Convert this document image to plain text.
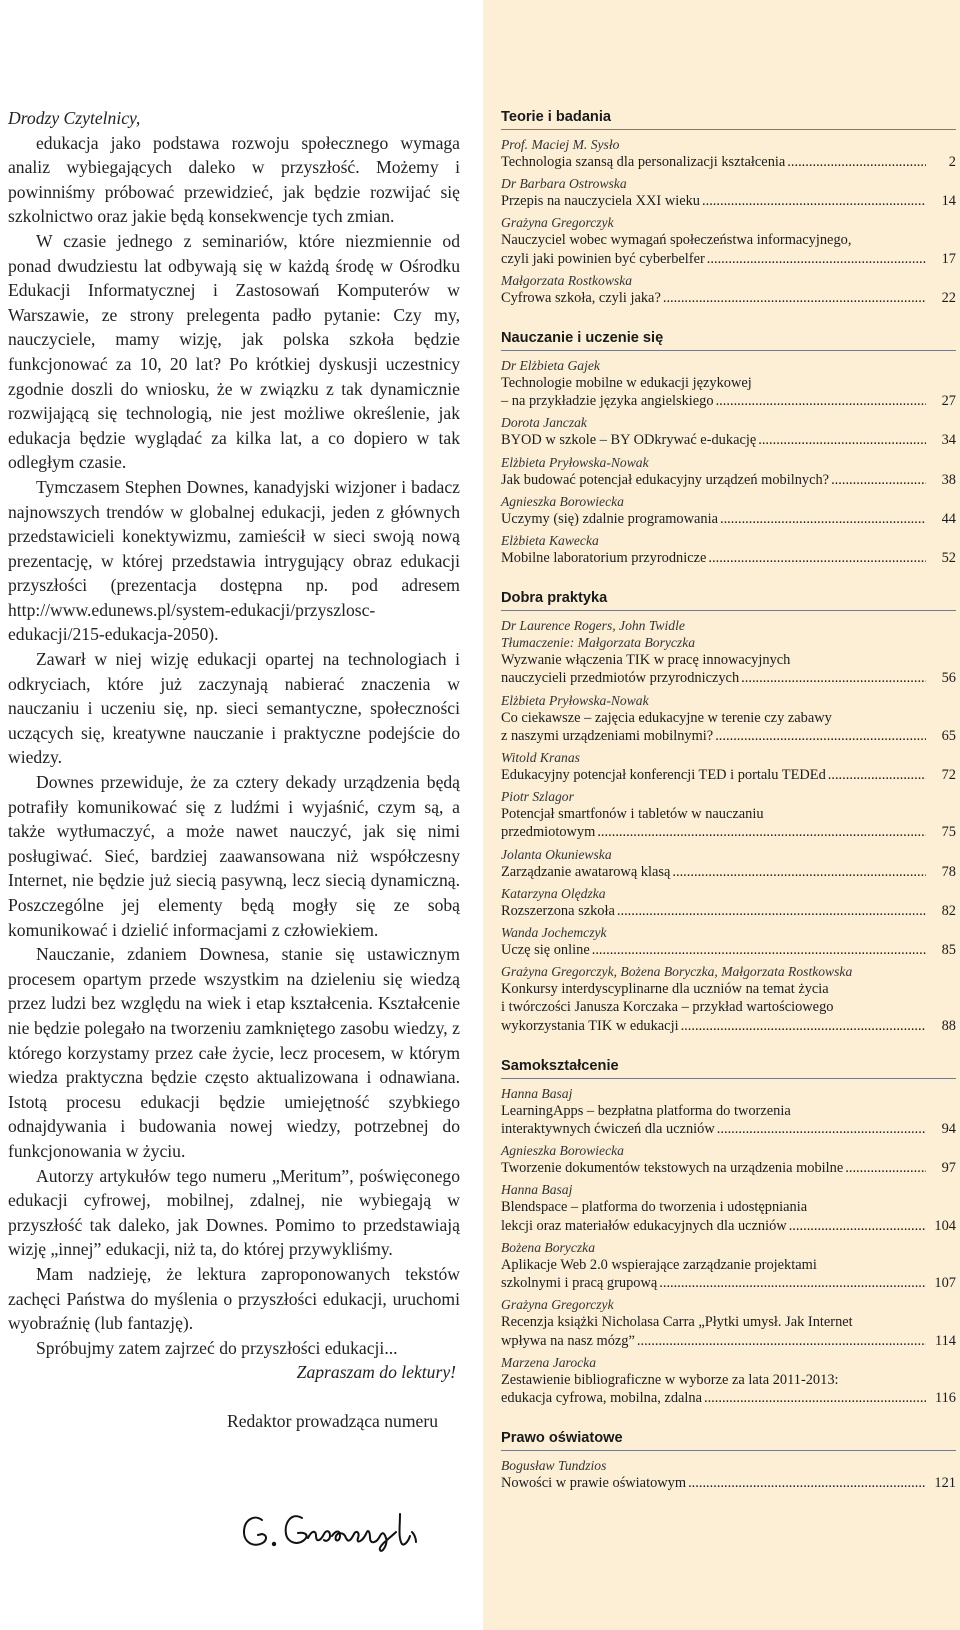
Drodzy Czytelnicy,

edukacja jako podstawa rozwoju społecznego wymaga analiz wybiegających daleko w przyszłość. Możemy i powinniśmy próbować przewidzieć, jak będzie rozwijać się szkolnictwo oraz jakie będą konsekwencje tych zmian.

W czasie jednego z seminariów, które niezmiennie od ponad dwudziestu lat odbywają się w każdą środę w Ośrodku Edukacji Informatycznej i Zastosowań Komputerów w Warszawie, ze strony prelegenta padło pytanie: Czy my, nauczyciele, mamy wizję, jak polska szkoła będzie funkcjonować za 10, 20 lat? Po krótkiej dyskusji uczestnicy zgodnie doszli do wniosku, że w związku z tak dynamicznie rozwijającą się technologią, nie jest możliwe określenie, jak edukacja będzie wyglądać za kilka lat, a co dopiero w tak odległym czasie.

Tymczasem Stephen Downes, kanadyjski wizjoner i badacz najnowszych trendów w globalnej edukacji, jeden z głównych przedstawicieli konektywizmu, zamieścił w sieci swoją nową prezentację, w której przedstawia intrygujący obraz edukacji przyszłości (prezentacja dostępna np. pod adresem http://www.edunews.pl/system-edukacji/przyszlosc-edukacji/215-edukacja-2050).

Zawarł w niej wizję edukacji opartej na technologiach i odkryciach, które już zaczynają nabierać znaczenia w nauczaniu i uczeniu się, np. sieci semantyczne, społeczności uczących się, kreatywne nauczanie i praktyczne podejście do wiedzy.

Downes przewiduje, że za cztery dekady urządzenia będą potrafiły komunikować się z ludźmi i wyjaśnić, czym są, a także wytłumaczyć, a może nawet nauczyć, jak się nimi posługiwać. Sieć, bardziej zaawansowana niż współczesny Internet, nie będzie już siecią pasywną, lecz siecią dynamiczną. Poszczególne jej elementy będą mogły się ze sobą komunikować i dzielić informacjami z człowiekiem.

Nauczanie, zdaniem Downesa, stanie się ustawicznym procesem opartym przede wszystkim na dzieleniu się wiedzą przez ludzi bez względu na wiek i etap kształcenia. Kształcenie nie będzie polegało na tworzeniu zamkniętego zasobu wiedzy, z którego korzystamy przez całe życie, lecz procesem, w którym wiedza praktyczna będzie często aktualizowana i odnawiana. Istotą procesu edukacji będzie umiejętność szybkiego odnajdywania i budowania nowej wiedzy, potrzebnej do funkcjonowania w życiu.

Autorzy artykułów tego numeru „Meritum”, poświęconego edukacji cyfrowej, mobilnej, zdalnej, nie wybiegają w przyszłość tak daleko, jak Downes. Pomimo to przedstawiają wizję „innej” edukacji, niż ta, do której przywykliśmy.

Mam nadzieję, że lektura zaproponowanych tekstów zachęci Państwa do myślenia o przyszłości edukacji, uruchomi wyobraźnię (lub fantazję).

Spróbujmy zatem zajrzeć do przyszłości edukacji...

Zapraszam do lektury!

Redaktor prowadząca numeru

Teorie i badania
Prof. Maciej M. Sysło
Technologia szansą dla personalizacji kształcenia .....	2
Dr Barbara Ostrowska
Przepis na nauczyciela XXI wieku .....	14
Grażyna Gregorczyk
Nauczyciel wobec wymagań społeczeństwa informacyjnego,
czyli jaki powinien być cyberbelfer .....	17
Małgorzata Rostkowska
Cyfrowa szkoła, czyli jaka? .....	22
Nauczanie i uczenie się
Dr Elżbieta Gajek
Technologie mobilne w edukacji językowej
– na przykładzie języka angielskiego .....	27
Dorota Janczak
BYOD w szkole – BY ODkrywać e-dukację .....	34
Elżbieta Pryłowska-Nowak
Jak budować potencjał edukacyjny urządzeń mobilnych? .....	38
Agnieszka Borowiecka
Uczymy (się) zdalnie programowania .....	44
Elżbieta Kawecka
Mobilne laboratorium przyrodnicze .....	52
Dobra praktyka
Dr Laurence Rogers, John Twidle
Tłumaczenie: Małgorzata Boryczka
Wyzwanie włączenia TIK w pracę innowacyjnych
nauczycieli przedmiotów przyrodniczych .....	56
Elżbieta Pryłowska-Nowak
Co ciekawsze – zajęcia edukacyjne w terenie czy zabawy
z naszymi urządzeniami mobilnymi? .....	65
Witold Kranas
Edukacyjny potencjał konferencji TED i portalu TEDEd .....	72
Piotr Szlagor
Potencjał smartfonów i tabletów w nauczaniu
przedmiotowym .....	75
Jolanta Okuniewska
Zarządzanie awatarową klasą .....	78
Katarzyna Olędzka
Rozszerzona szkoła .....	82
Wanda Jochemczyk
Uczę się online .....	85
Grażyna Gregorczyk, Bożena Boryczka, Małgorzata Rostkowska
Konkursy interdyscyplinarne dla uczniów na temat życia
i twórczości Janusza Korczaka – przykład wartościowego
wykorzystania TIK w edukacji .....	88
Samokształcenie
Hanna Basaj
LearningApps – bezpłatna platforma do tworzenia
interaktywnych ćwiczeń dla uczniów .....	94
Agnieszka Borowiecka
Tworzenie dokumentów tekstowych na urządzenia mobilne .....	97
Hanna Basaj
Blendspace – platforma do tworzenia i udostępniania
lekcji oraz materiałów edukacyjnych dla uczniów .....	104
Bożena Boryczka
Aplikacje Web 2.0 wspierające zarządzanie projektami
szkolnymi i pracą grupową .....	107
Grażyna Gregorczyk
Recenzja książki Nicholasa Carra „Płytki umysł. Jak Internet
wpływa na nasz mózg” .....	114
Marzena Jarocka
Zestawienie bibliograficzne w wyborze za lata 2011-2013:
edukacja cyfrowa, mobilna, zdalna .....	116
Prawo oświatowe
Bogusław Tundzios
Nowości w prawie oświatowym .....	121
